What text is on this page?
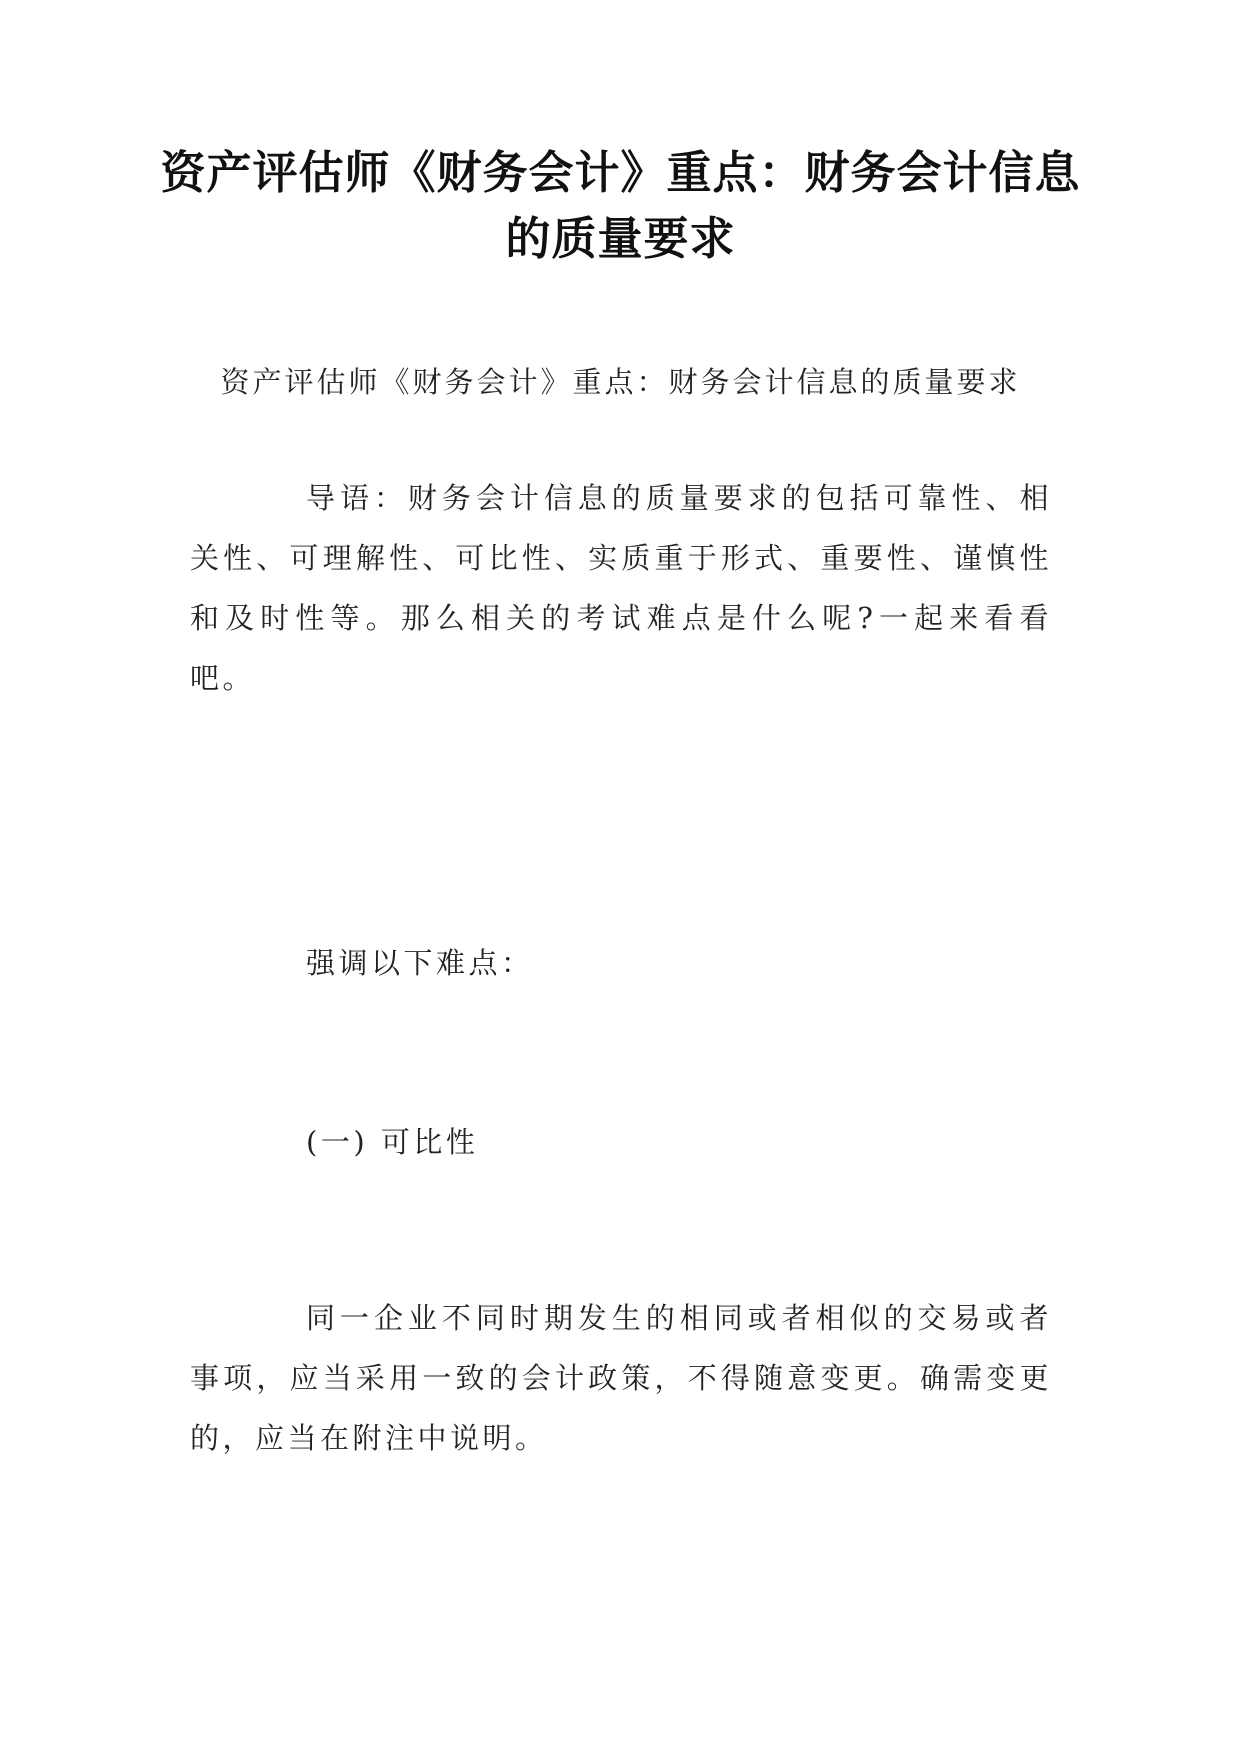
资产评估师《财务会计》重点：财务会计信息的质量要求

资产评估师《财务会计》重点：财务会计信息的质量要求

导语：财务会计信息的质量要求的包括可靠性、相关性、可理解性、可比性、实质重于形式、重要性、谨慎性和及时性等。那么相关的考试难点是什么呢?一起来看看吧。

强调以下难点：

(一) 可比性

同一企业不同时期发生的相同或者相似的交易或者事项，应当采用一致的会计政策，不得随意变更。确需变更的，应当在附注中说明。
